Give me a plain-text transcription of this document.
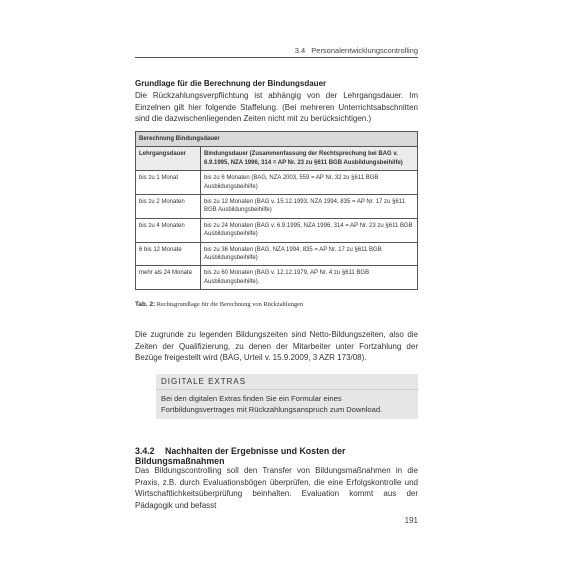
3.4 Personalentwicklungscontrolling
Grundlage für die Berechnung der Bindungsdauer
Die Rückzahlungsverpflichtung ist abhängig von der Lehrgangsdauer. Im Einzelnen gilt hier folgende Staffelung. (Bei mehreren Unterrichtsabschnitten sind die dazwischenliegenden Zeiten nicht mit zu berücksichtigen.)
Berechnung Bindungsdauer	
Lehrgangsdauer	Bindungsdauer (Zusammenfassung der Rechtsprechung bei BAG v. 6.9.1995, NZA 1996, 314 = AP Nr. 23 zu §611 BGB Ausbildungsbeihilfe)
bis zu 1 Monat	bis zu 6 Monaten (BAG, NZA 2003, 559 = AP Nr. 32 zu §611 BGB Ausbildungsbeihilfe)
bis zu 2 Monaten	bis zu 12 Monaten (BAG v. 15.12.1993, NZA 1994, 835 = AP Nr. 17 zu §611 BGB Ausbildungsbeihilfe)
bis zu 4 Monaten	bis zu 24 Monaten (BAG v. 6.9.1995, NZA 1996, 314 = AP Nr. 23 zu §611 BGB Ausbildungsbeihilfe)
6 bis 12 Monate	bis zu 36 Monaten (BAG, NZA 1994, 835 = AP Nr. 17 zu §611 BGB Ausbildungsbeihilfe)
mehr als 24 Monate	bis zu 60 Monaten (BAG v. 12.12.1979, AP Nr. 4 zu §611 BGB Ausbildungsbeihilfe).
Tab. 2: Rechtsgrundlage für die Berechnung von Rückzahlungen
Die zugrunde zu legenden Bildungszeiten sind Netto-Bildungszeiten, also die Zeiten der Qualifizierung, zu denen der Mitarbeiter unter Fortzahlung der Bezüge freigestellt wird (BAG, Urteil v. 15.9.2009, 3 AZR 173/08).
DIGITALE EXTRAS
Bei den digitalen Extras finden Sie ein Formular eines Fortbildungsvertrages mit Rückzahlungsanspruch zum Download.
3.4.2 Nachhalten der Ergebnisse und Kosten der Bildungsmaßnahmen
Das Bildungscontrolling soll den Transfer von Bildungsmaßnahmen in die Praxis, z.B. durch Evaluationsbögen überprüfen, die eine Erfolgskontrolle und Wirtschaftlichkeitsüberprüfung beinhalten. Evaluation kommt aus der Pädagogik und befasst
191
